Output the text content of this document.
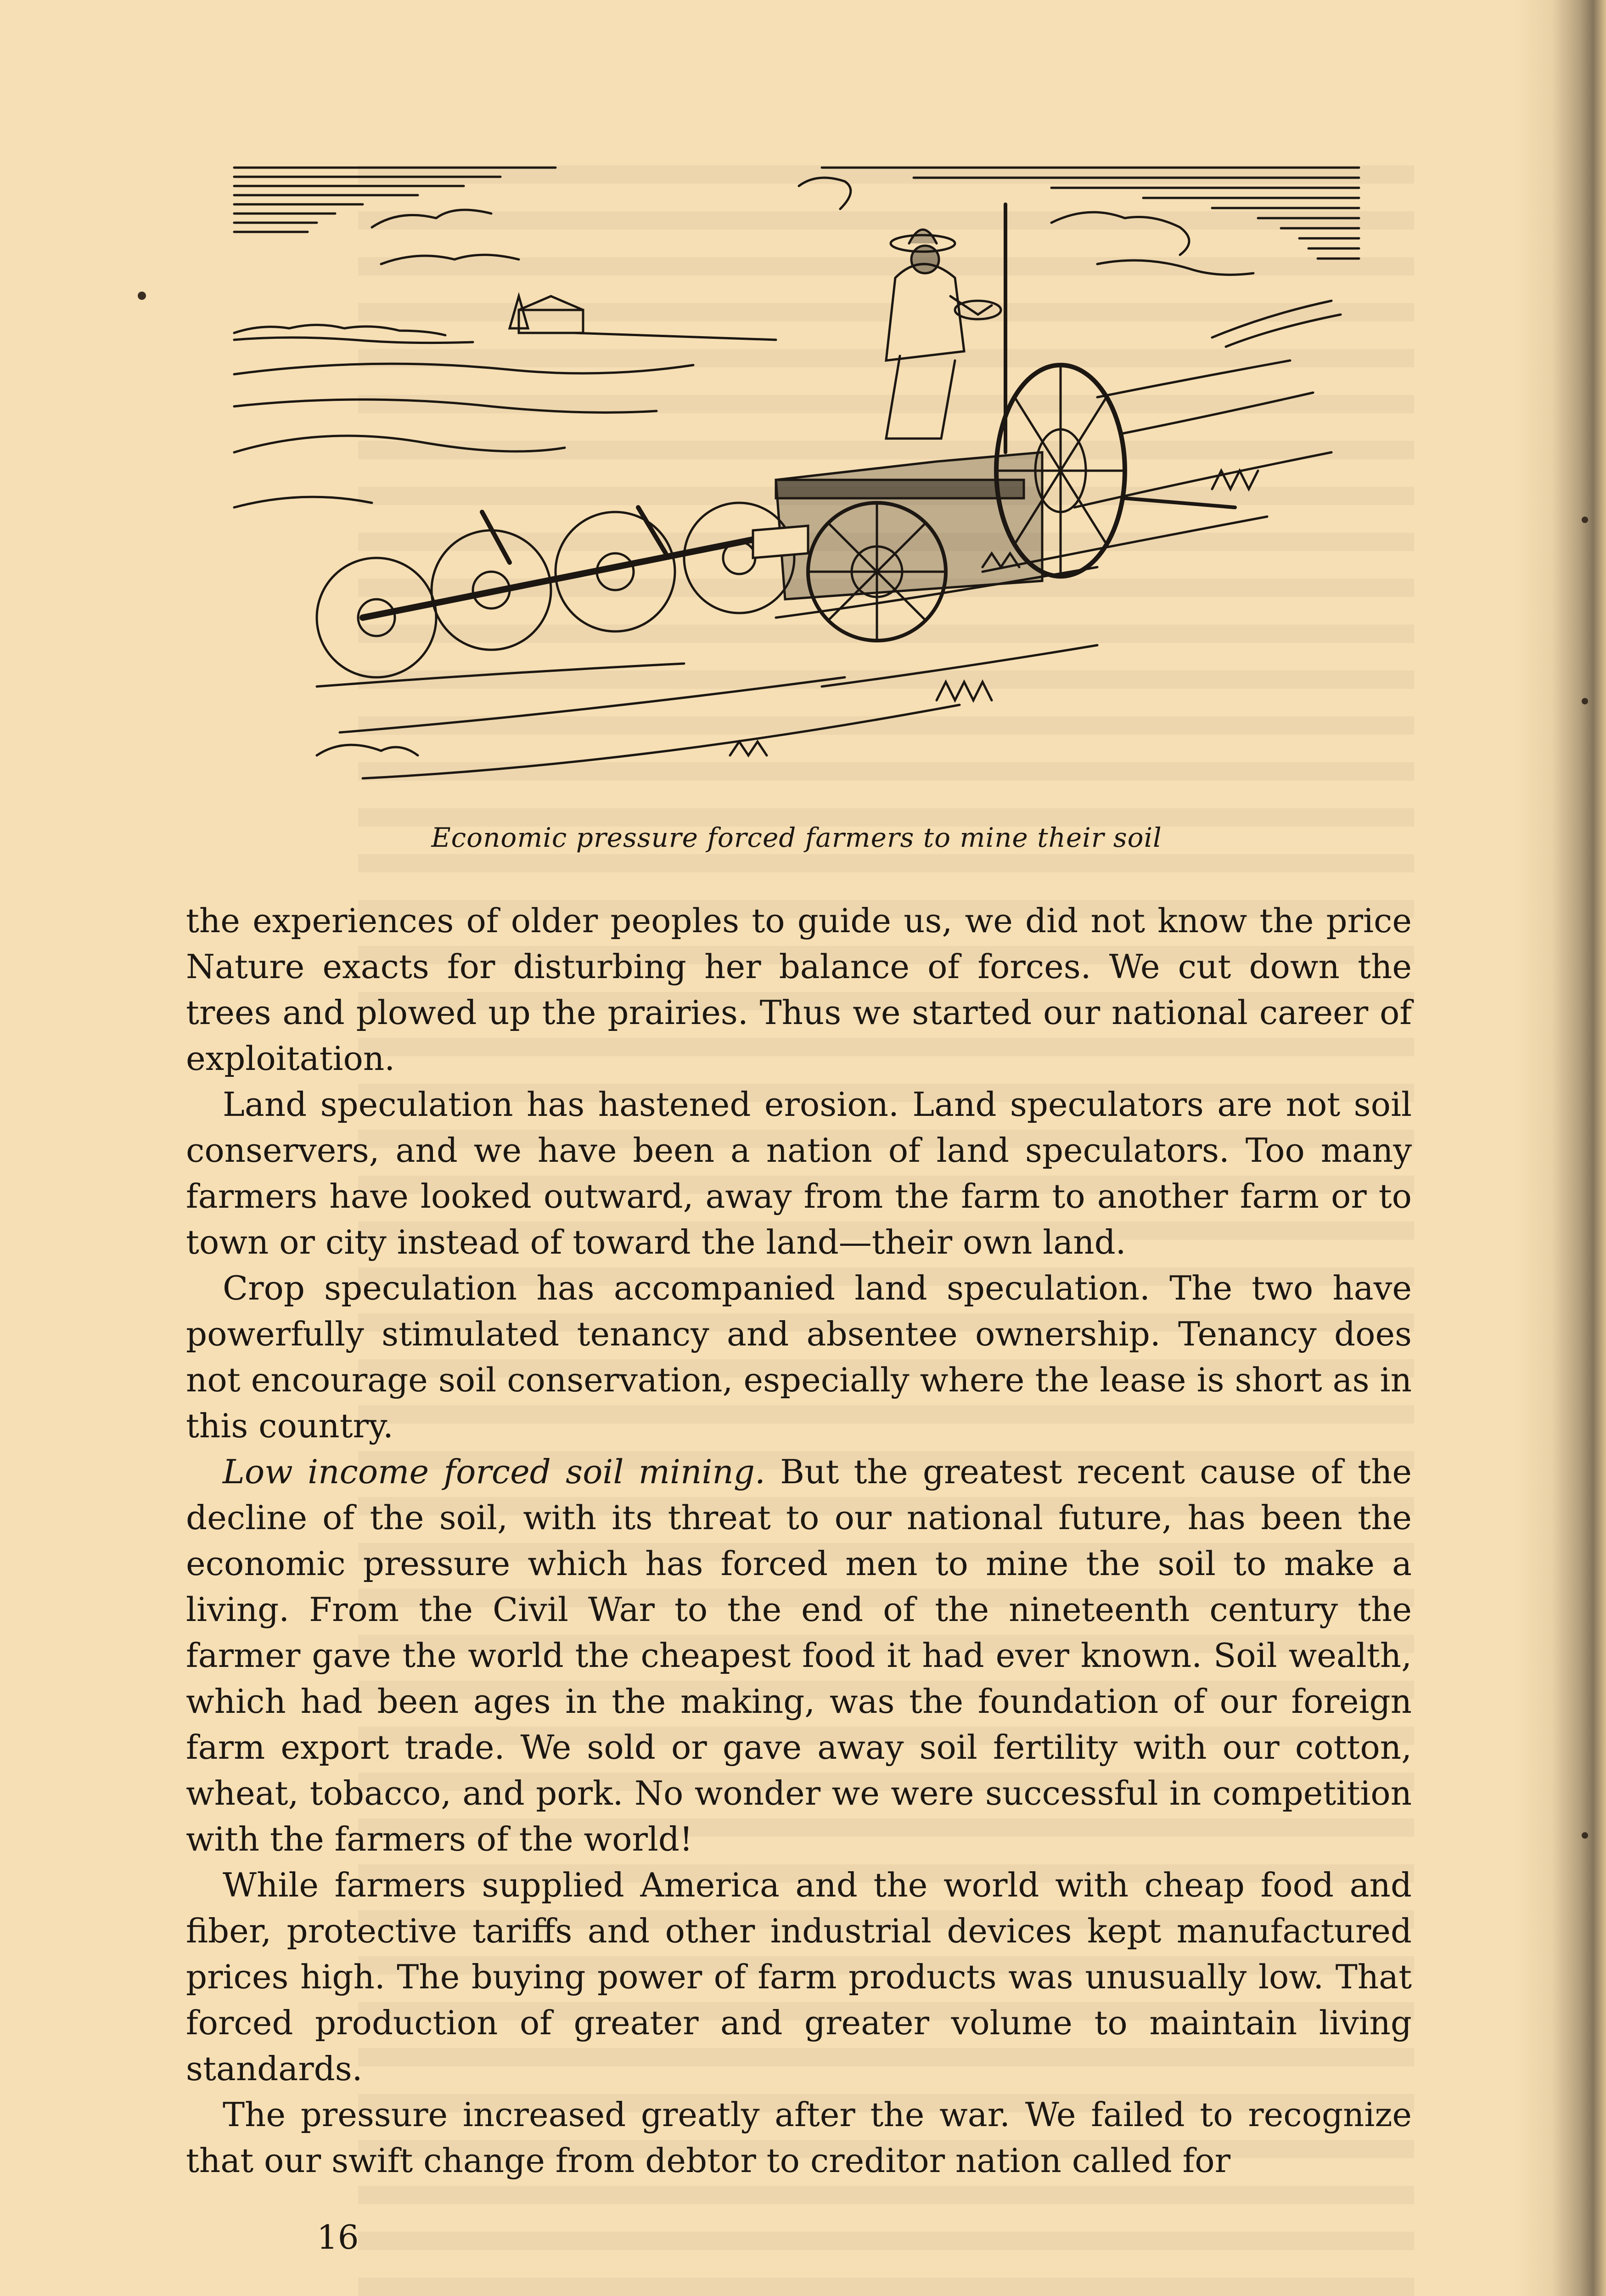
Economic pressure forced farmers to mine their soil

the experiences of older peoples to guide us, we did not know the price Nature exacts for disturbing her balance of forces. We cut down the trees and plowed up the prairies. Thus we started our national career of exploitation.

Land speculation has hastened erosion. Land speculators are not soil conservers, and we have been a nation of land speculators. Too many farmers have looked outward, away from the farm to another farm or to town or city instead of toward the land—their own land.

Crop speculation has accompanied land speculation. The two have powerfully stimulated tenancy and absentee ownership. Tenancy does not encourage soil conservation, especially where the lease is short as in this country.

Low income forced soil mining. But the greatest recent cause of the decline of the soil, with its threat to our national future, has been the economic pressure which has forced men to mine the soil to make a living. From the Civil War to the end of the nineteenth century the farmer gave the world the cheapest food it had ever known. Soil wealth, which had been ages in the making, was the foundation of our foreign farm export trade. We sold or gave away soil fertility with our cotton, wheat, tobacco, and pork. No wonder we were successful in competition with the farmers of the world!

While farmers supplied America and the world with cheap food and fiber, protective tariffs and other industrial devices kept manufactured prices high. The buying power of farm products was unusually low. That forced production of greater and greater volume to maintain living standards.

The pressure increased greatly after the war. We failed to recognize that our swift change from debtor to creditor nation called for

16
